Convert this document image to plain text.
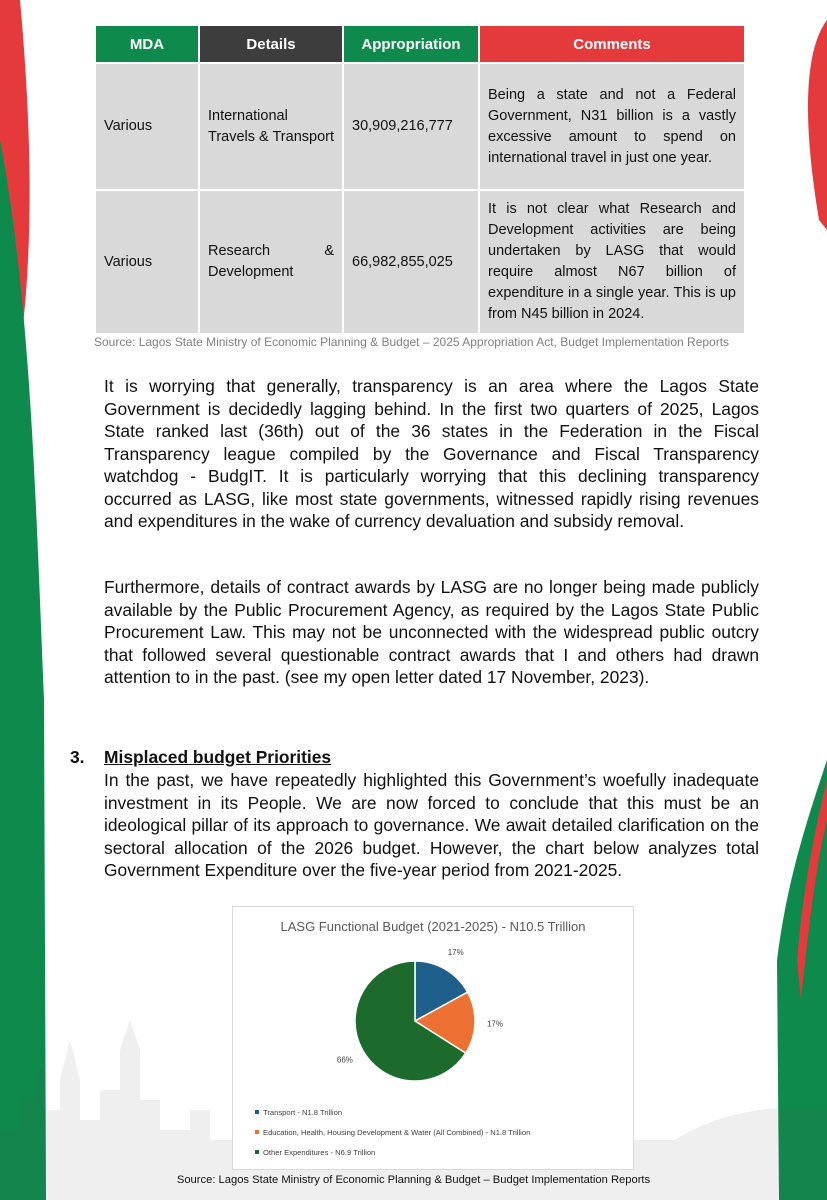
MDA	Details	Appropriation	Comments
Various	International Travels & Transport	30,909,216,777	Being a state and not a Federal Government, N31 billion is a vastly excessive amount to spend on international travel in just one year.
Various	Research & Development	66,982,855,025	It is not clear what Research and Development activities are being undertaken by LASG that would require almost N67 billion of expenditure in a single year. This is up from N45 billion in 2024.
Source: Lagos State Ministry of Economic Planning & Budget – 2025 Appropriation Act, Budget Implementation Reports

It is worrying that generally, transparency is an area where the Lagos State Government is decidedly lagging behind. In the first two quarters of 2025, Lagos State ranked last (36th) out of the 36 states in the Federation in the Fiscal Transparency league compiled by the Governance and Fiscal Transparency watchdog - BudgIT. It is particularly worrying that this declining transparency occurred as LASG, like most state governments, witnessed rapidly rising revenues and expenditures in the wake of currency devaluation and subsidy removal.

Furthermore, details of contract awards by LASG are no longer being made publicly available by the Public Procurement Agency, as required by the Lagos State Public Procurement Law. This may not be unconnected with the widespread public outcry that followed several questionable contract awards that I and others had drawn attention to in the past. (see my open letter dated 17 November, 2023).

3. Misplaced budget Priorities

In the past, we have repeatedly highlighted this Government’s woefully inadequate investment in its People. We are now forced to conclude that this must be an ideological pillar of its approach to governance. We await detailed clarification on the sectoral allocation of the 2026 budget. However, the chart below analyzes total Government Expenditure over the five-year period from 2021-2025.

LASG Functional Budget (2021-2025) - N10.5 Trillion
17%
17%
66%
Transport - N1.8 Trillion
Education, Health, Housing Development & Water (All Combined) - N1.8 Trillion
Other Expenditures - N6.9 Trillion
Source: Lagos State Ministry of Economic Planning & Budget – Budget Implementation Reports
